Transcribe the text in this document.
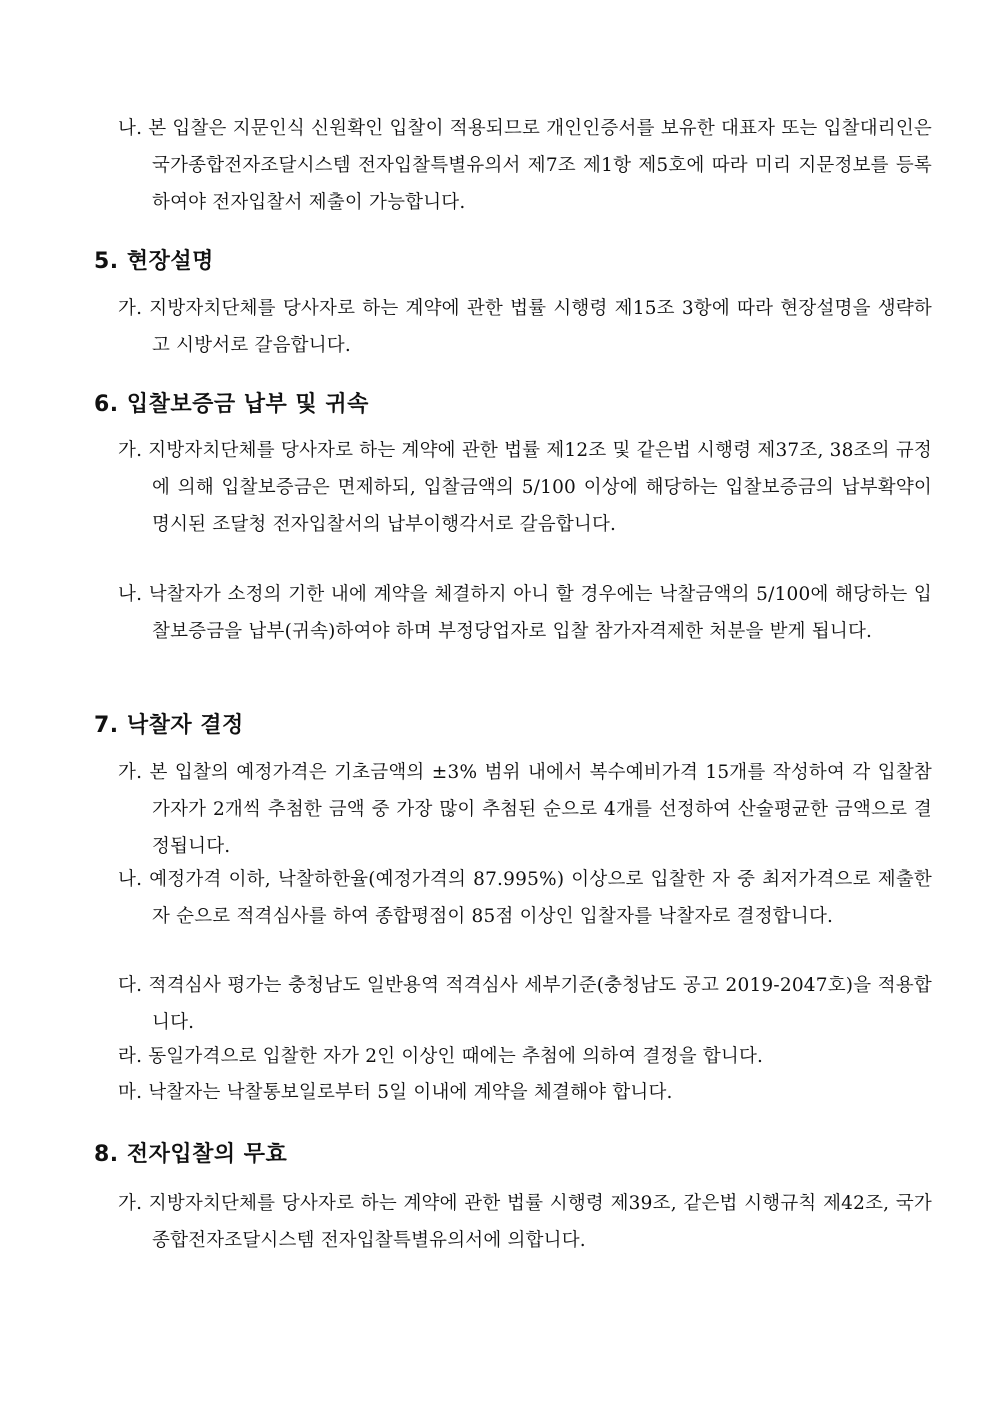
나. 본 입찰은 지문인식 신원확인 입찰이 적용되므로 개인인증서를 보유한 대표자 또는 입찰대리인은 국가종합전자조달시스템 전자입찰특별유의서 제7조 제1항 제5호에 따라 미리 지문정보를 등록하여야 전자입찰서 제출이 가능합니다.

5. 현장설명

가. 지방자치단체를 당사자로 하는 계약에 관한 법률 시행령 제15조 3항에 따라 현장설명을 생략하고 시방서로 갈음합니다.

6. 입찰보증금 납부 및 귀속

가. 지방자치단체를 당사자로 하는 계약에 관한 법률 제12조 및 같은법 시행령 제37조, 38조의 규정에 의해 입찰보증금은 면제하되, 입찰금액의 5/100 이상에 해당하는 입찰보증금의 납부확약이 명시된 조달청 전자입찰서의 납부이행각서로 갈음합니다.

나. 낙찰자가 소정의 기한 내에 계약을 체결하지 아니 할 경우에는 낙찰금액의 5/100에 해당하는 입찰보증금을 납부(귀속)하여야 하며 부정당업자로 입찰 참가자격제한 처분을 받게 됩니다.

7. 낙찰자 결정

가. 본 입찰의 예정가격은 기초금액의 ±3% 범위 내에서 복수예비가격 15개를 작성하여 각 입찰참가자가 2개씩 추첨한 금액 중 가장 많이 추첨된 순으로 4개를 선정하여 산술평균한 금액으로 결정됩니다.

나. 예정가격 이하, 낙찰하한율(예정가격의 87.995%) 이상으로 입찰한 자 중 최저가격으로 제출한 자 순으로 적격심사를 하여 종합평점이 85점 이상인 입찰자를 낙찰자로 결정합니다.

다. 적격심사 평가는 충청남도 일반용역 적격심사 세부기준(충청남도 공고 2019-2047호)을 적용합니다.

라. 동일가격으로 입찰한 자가 2인 이상인 때에는 추첨에 의하여 결정을 합니다.

마. 낙찰자는 낙찰통보일로부터 5일 이내에 계약을 체결해야 합니다.

8. 전자입찰의 무효

가. 지방자치단체를 당사자로 하는 계약에 관한 법률 시행령 제39조, 같은법 시행규칙 제42조, 국가종합전자조달시스템 전자입찰특별유의서에 의합니다.
